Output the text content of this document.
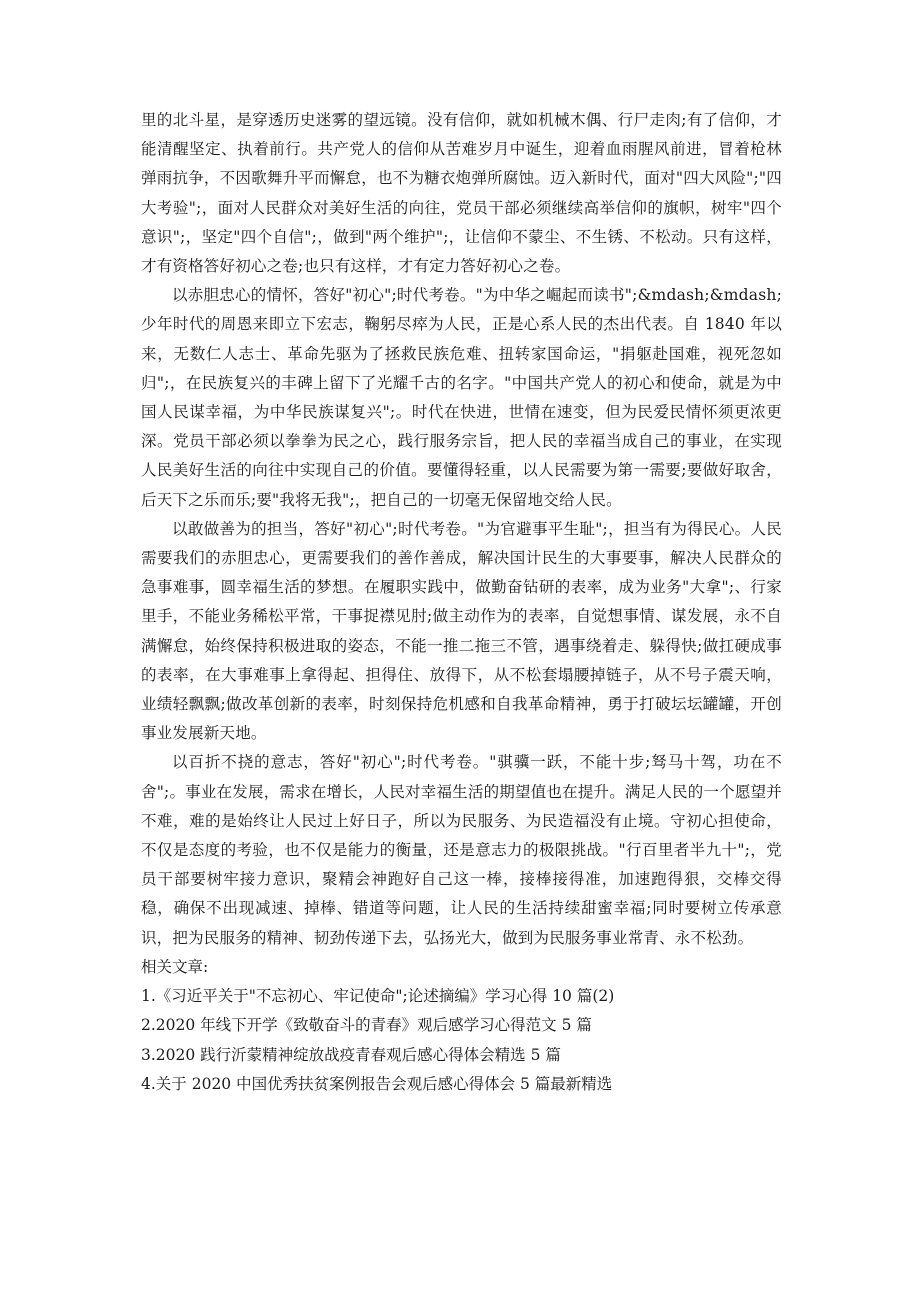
里的北斗星，是穿透历史迷雾的望远镜。没有信仰，就如机械木偶、行尸走肉;有了信仰，才能清醒坚定、执着前行。共产党人的信仰从苦难岁月中诞生，迎着血雨腥风前进，冒着枪林弹雨抗争，不因歌舞升平而懈怠，也不为糖衣炮弹所腐蚀。迈入新时代，面对"四大风险";"四大考验";，面对人民群众对美好生活的向往，党员干部必须继续高举信仰的旗帜，树牢"四个意识";，坚定"四个自信";，做到"两个维护";，让信仰不蒙尘、不生锈、不松动。只有这样，才有资格答好初心之卷;也只有这样，才有定力答好初心之卷。

以赤胆忠心的情怀，答好"初心";时代考卷。"为中华之崛起而读书";&mdash;&mdash;少年时代的周恩来即立下宏志，鞠躬尽瘁为人民，正是心系人民的杰出代表。自 1840 年以来，无数仁人志士、革命先驱为了拯救民族危难、扭转家国命运，"捐躯赴国难，视死忽如归";，在民族复兴的丰碑上留下了光耀千古的名字。"中国共产党人的初心和使命，就是为中国人民谋幸福，为中华民族谋复兴";。时代在快进，世情在速变，但为民爱民情怀须更浓更深。党员干部必须以拳拳为民之心，践行服务宗旨，把人民的幸福当成自己的事业，在实现人民美好生活的向往中实现自己的价值。要懂得轻重，以人民需要为第一需要;要做好取舍，后天下之乐而乐;要"我将无我";，把自己的一切毫无保留地交给人民。

以敢做善为的担当，答好"初心";时代考卷。"为官避事平生耻";，担当有为得民心。人民需要我们的赤胆忠心，更需要我们的善作善成，解决国计民生的大事要事，解决人民群众的急事难事，圆幸福生活的梦想。在履职实践中，做勤奋钻研的表率，成为业务"大拿";、行家里手，不能业务稀松平常，干事捉襟见肘;做主动作为的表率，自觉想事情、谋发展，永不自满懈怠，始终保持积极进取的姿态，不能一推二拖三不管，遇事绕着走、躲得快;做扛硬成事的表率，在大事难事上拿得起、担得住、放得下，从不松套塌腰掉链子，从不号子震天响，业绩轻飘飘;做改革创新的表率，时刻保持危机感和自我革命精神，勇于打破坛坛罐罐，开创事业发展新天地。

以百折不挠的意志，答好"初心";时代考卷。"骐骥一跃，不能十步;驽马十驾，功在不舍";。事业在发展，需求在增长，人民对幸福生活的期望值也在提升。满足人民的一个愿望并不难，难的是始终让人民过上好日子，所以为民服务、为民造福没有止境。守初心担使命，不仅是态度的考验，也不仅是能力的衡量，还是意志力的极限挑战。"行百里者半九十";，党员干部要树牢接力意识，聚精会神跑好自己这一棒，接棒接得准，加速跑得狠，交棒交得稳，确保不出现减速、掉棒、错道等问题，让人民的生活持续甜蜜幸福;同时要树立传承意识，把为民服务的精神、韧劲传递下去，弘扬光大，做到为民服务事业常青、永不松劲。

相关文章:

1.《习近平关于"不忘初心、牢记使命";论述摘编》学习心得 10 篇(2)
2.2020 年线下开学《致敬奋斗的青春》观后感学习心得范文 5 篇
3.2020 践行沂蒙精神绽放战疫青春观后感心得体会精选 5 篇
4.关于 2020 中国优秀扶贫案例报告会观后感心得体会 5 篇最新精选
